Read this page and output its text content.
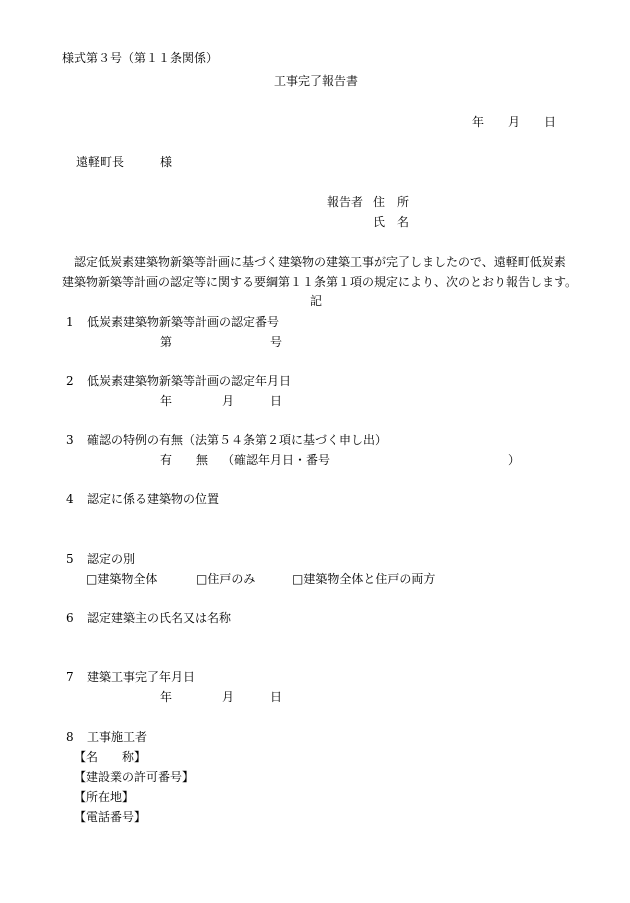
様式第３号（第１１条関係）
工事完了報告書
年 月 日
遠軽町長	様
報告者 住　所
氏　名
認定低炭素建築物新築等計画に基づく建築物の建築工事が完了しましたので、遠軽町低炭素
建築物新築等計画の認定等に関する要綱第１１条第１項の規定により、次のとおり報告します。
記
1 低炭素建築物新築等計画の認定番号
第	号
2 低炭素建築物新築等計画の認定年月日
年	月	日
3 確認の特例の有無（法第５４条第２項に基づく申し出）
有 無 （確認年月日・番号	）
4 認定に係る建築物の位置
5 認定の別
□建築物全体	□住戸のみ	□建築物全体と住戸の両方
6 認定建築主の氏名又は名称
7 建築工事完了年月日
年	月	日
8 工事施工者
【名　　称】
【建設業の許可番号】
【所在地】
【電話番号】
